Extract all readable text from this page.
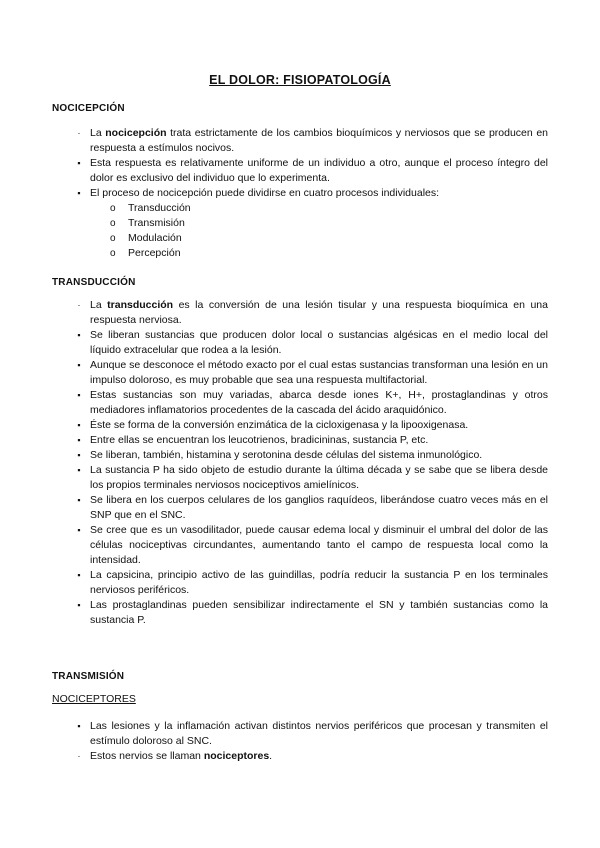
EL DOLOR: FISIOPATOLOGÍA
NOCICEPCIÓN
· La nocicepción trata estrictamente de los cambios bioquímicos y nerviosos que se producen en respuesta a estímulos nocivos.
▪ Esta respuesta es relativamente uniforme de un individuo a otro, aunque el proceso íntegro del dolor es exclusivo del individuo que lo experimenta.
▪ El proceso de nocicepción puede dividirse en cuatro procesos individuales:
o Transducción
o Transmisión
o Modulación
o Percepción
TRANSDUCCIÓN
· La transducción es la conversión de una lesión tisular y una respuesta bioquímica en una respuesta nerviosa.
▪ Se liberan sustancias que producen dolor local o sustancias algésicas en el medio local del líquido extracelular que rodea a la lesión.
▪ Aunque se desconoce el método exacto por el cual estas sustancias transforman una lesión en un impulso doloroso, es muy probable que sea una respuesta multifactorial.
▪ Estas sustancias son muy variadas, abarca desde iones K+, H+, prostaglandinas y otros mediadores inflamatorios procedentes de la cascada del ácido araquidónico.
▪ Éste se forma de la conversión enzimática de la cicloxigenasa y la lipooxigenasa.
▪ Entre ellas se encuentran los leucotrienos, bradicininas, sustancia P, etc.
▪ Se liberan, también, histamina y serotonina desde células del sistema inmunológico.
▪ La sustancia P ha sido objeto de estudio durante la última década y se sabe que se libera desde los propios terminales nerviosos nociceptivos amielínicos.
▪ Se libera en los cuerpos celulares de los ganglios raquídeos, liberándose cuatro veces más en el SNP que en el SNC.
▪ Se cree que es un vasodilitador, puede causar edema local y disminuir el umbral del dolor de las células nociceptivas circundantes, aumentando tanto el campo de respuesta local como la intensidad.
▪ La capsicina, principio activo de las guindillas, podría reducir la sustancia P en los terminales nerviosos periféricos.
▪ Las prostaglandinas pueden sensibilizar indirectamente el SN y también sustancias como la sustancia P.
TRANSMISIÓN
NOCICEPTORES
▪ Las lesiones y la inflamación activan distintos nervios periféricos que procesan y transmiten el estímulo doloroso al SNC.
· Estos nervios se llaman nociceptores.
